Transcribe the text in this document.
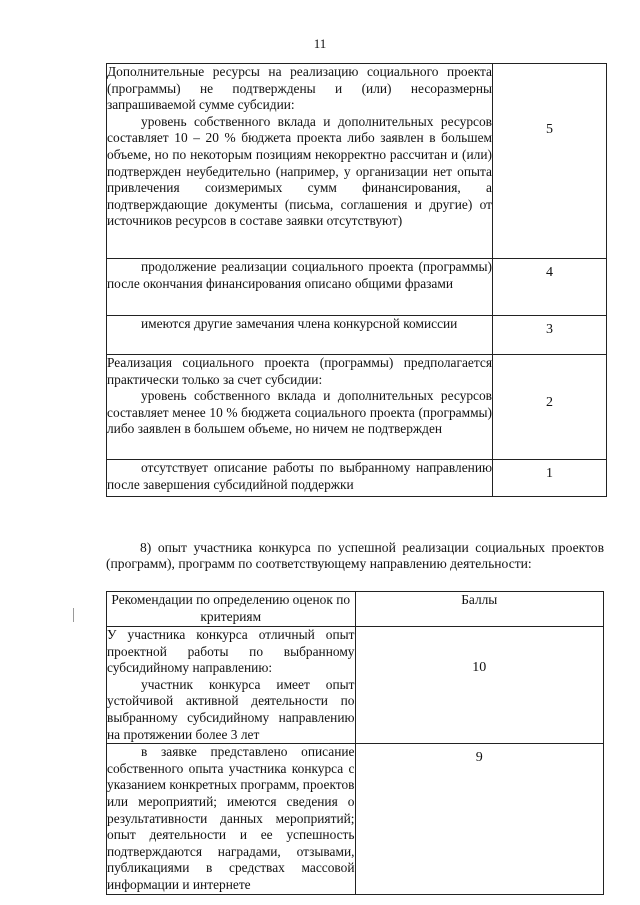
11
Дополнительные ресурсы на реализацию социального проекта (программы) не подтверждены и (или) несоразмерны запрашиваемой сумме субсидии:
уровень собственного вклада и дополнительных ресурсов составляет 10 – 20 % бюджета проекта либо заявлен в большем объеме, но по некоторым позициям некорректно рассчитан и (или) подтвержден неубедительно (например, у организации нет опыта привлечения соизмеримых сумм финансирования, а подтверждающие документы (письма, соглашения и другие) от источников ресурсов в составе заявки отсутствуют)	5

продолжение реализации социального проекта (программы) после окончания финансирования описано общими фразами	4

имеются другие замечания члена конкурсной комиссии	3

Реализация социального проекта (программы) предполагается практически только за счет субсидии:
уровень собственного вклада и дополнительных ресурсов составляет менее 10 % бюджета социального проекта (программы) либо заявлен в большем объеме, но ничем не подтвержден	2

отсутствует описание работы по выбранному направлению после завершения субсидийной поддержки	1
8) опыт участника конкурса по успешной реализации социальных проектов (программ), программ по соответствующему направлению деятельности:
Рекомендации по определению оценок по критериям	Баллы

У участника конкурса отличный опыт проектной работы по выбранному субсидийному направлению:
участник конкурса имеет опыт устойчивой активной деятельности по выбранному субсидийному направлению на протяжении более 3 лет	10

в заявке представлено описание собственного опыта участника конкурса с указанием конкретных программ, проектов или мероприятий; имеются сведения о результативности данных мероприятий; опыт деятельности и ее успешность подтверждаются наградами, отзывами, публикациями в средствах массовой информации и интернете	9
